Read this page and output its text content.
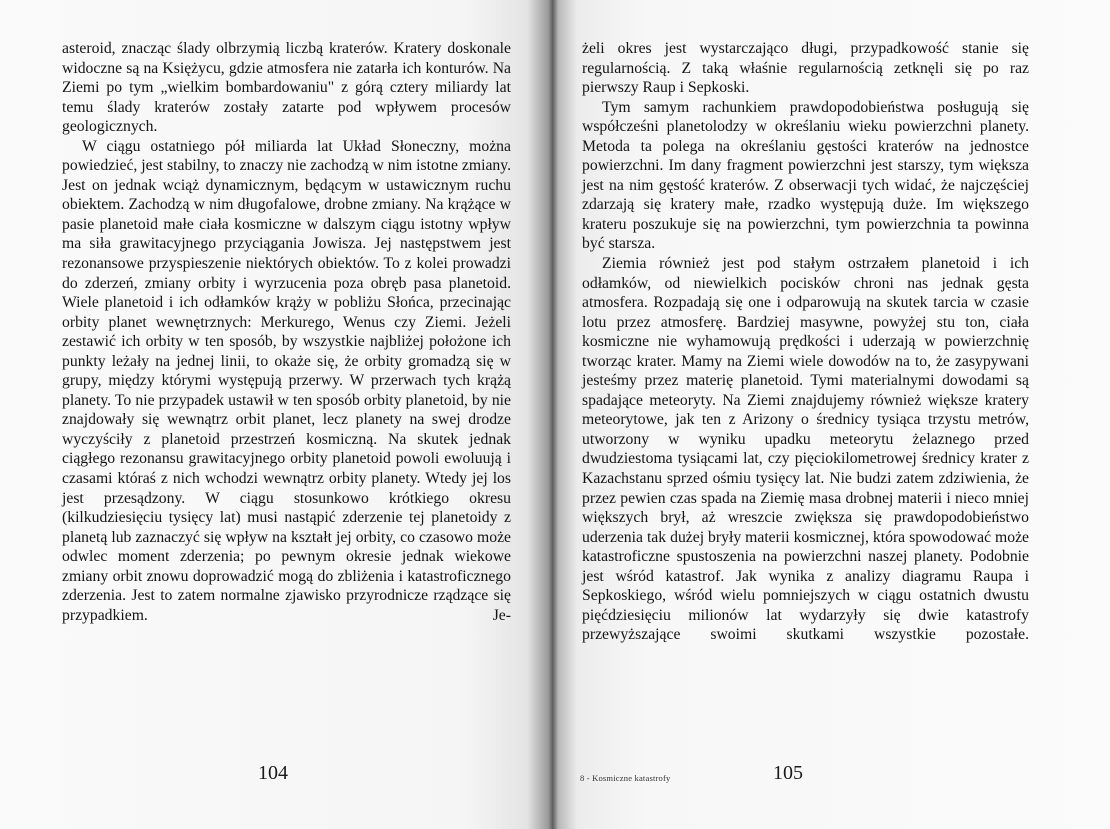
asteroid, znacząc ślady olbrzymią liczbą kraterów. Kratery doskonale widoczne są na Księżycu, gdzie atmosfera nie zatarła ich konturów. Na Ziemi po tym „wielkim bombardowaniu" z górą cztery miliardy lat temu ślady kraterów zostały zatarte pod wpływem procesów geologicznych.

W ciągu ostatniego pół miliarda lat Układ Słoneczny, można powiedzieć, jest stabilny, to znaczy nie zachodzą w nim istotne zmiany. Jest on jednak wciąż dynamicznym, będącym w ustawicznym ruchu obiektem. Zachodzą w nim długofalowe, drobne zmiany. Na krążące w pasie planetoid małe ciała kosmiczne w dalszym ciągu istotny wpływ ma siła grawitacyjnego przyciągania Jowisza. Jej następstwem jest rezonansowe przyspieszenie niektórych obiektów. To z kolei prowadzi do zderzeń, zmiany orbity i wyrzucenia poza obręb pasa planetoid. Wiele planetoid i ich odłamków krąży w pobliżu Słońca, przecinając orbity planet wewnętrznych: Merkurego, Wenus czy Ziemi. Jeżeli zestawić ich orbity w ten sposób, by wszystkie najbliżej położone ich punkty leżały na jednej linii, to okaże się, że orbity gromadzą się w grupy, między którymi występują przerwy. W przerwach tych krążą planety. To nie przypadek ustawił w ten sposób orbity planetoid, by nie znajdowały się wewnątrz orbit planet, lecz planety na swej drodze wyczyściły z planetoid przestrzeń kosmiczną. Na skutek jednak ciągłego rezonansu grawitacyjnego orbity planetoid powoli ewoluują i czasami któraś z nich wchodzi wewnątrz orbity planety. Wtedy jej los jest przesądzony. W ciągu stosunkowo krótkiego okresu (kilkudziesięciu tysięcy lat) musi nastąpić zderzenie tej planetoidy z planetą lub zaznaczyć się wpływ na kształt jej orbity, co czasowo może odwlec moment zderzenia; po pewnym okresie jednak wiekowe zmiany orbit znowu doprowadzić mogą do zbliżenia i katastroficznego zderzenia. Jest to zatem normalne zjawisko przyrodnicze rządzące się przypadkiem. Je-

104

żeli okres jest wystarczająco długi, przypadkowość stanie się regularnością. Z taką właśnie regularnością zetknęli się po raz pierwszy Raup i Sepkoski.

Tym samym rachunkiem prawdopodobieństwa posługują się współcześni planetolodzy w określaniu wieku powierzchni planety. Metoda ta polega na określaniu gęstości kraterów na jednostce powierzchni. Im dany fragment powierzchni jest starszy, tym większa jest na nim gęstość kraterów. Z obserwacji tych widać, że najczęściej zdarzają się kratery małe, rzadko występują duże. Im większego krateru poszukuje się na powierzchni, tym powierzchnia ta powinna być starsza.

Ziemia również jest pod stałym ostrzałem planetoid i ich odłamków, od niewielkich pocisków chroni nas jednak gęsta atmosfera. Rozpadają się one i odparowują na skutek tarcia w czasie lotu przez atmosferę. Bardziej masywne, powyżej stu ton, ciała kosmiczne nie wyhamowują prędkości i uderzają w powierzchnię tworząc krater. Mamy na Ziemi wiele dowodów na to, że zasypywani jesteśmy przez materię planetoid. Tymi materialnymi dowodami są spadające meteoryty. Na Ziemi znajdujemy również większe kratery meteorytowe, jak ten z Arizony o średnicy tysiąca trzystu metrów, utworzony w wyniku upadku meteorytu żelaznego przed dwudziestoma tysiącami lat, czy pięciokilometrowej średnicy krater z Kazachstanu sprzed ośmiu tysięcy lat. Nie budzi zatem zdziwienia, że przez pewien czas spada na Ziemię masa drobnej materii i nieco mniej większych brył, aż wreszcie zwiększa się prawdopodobieństwo uderzenia tak dużej bryły materii kosmicznej, która spowodować może katastroficzne spustoszenia na powierzchni naszej planety. Podobnie jest wśród katastrof. Jak wynika z analizy diagramu Raupa i Sepkoskiego, wśród wielu pomniejszych w ciągu ostatnich dwustu pięćdziesięciu milionów lat wydarzyły się dwie katastrofy przewyższające swoimi skutkami wszystkie pozostałe.

8 - Kosmiczne katastrofy	105
